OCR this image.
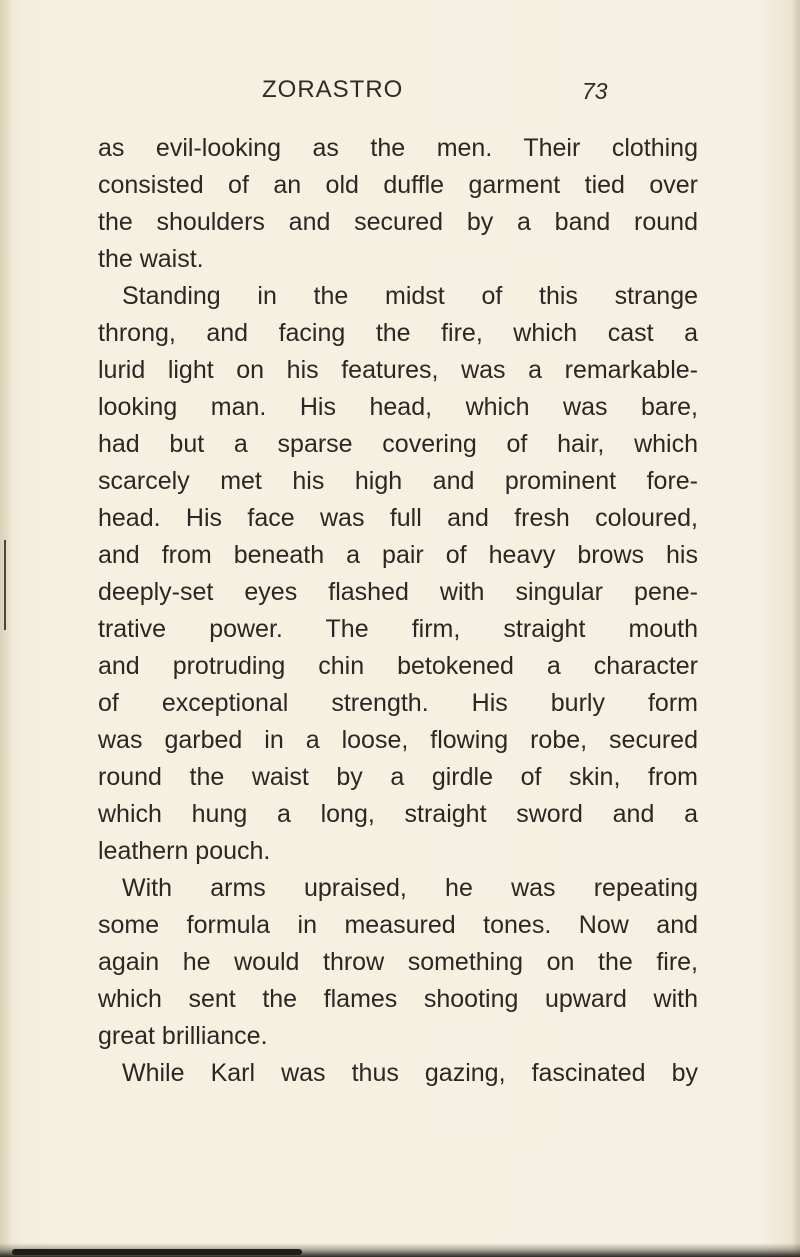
ZORASTRO	73
as evil-looking as the men. Their clothing
consisted of an old duffle garment tied over
the shoulders and secured by a band round
the waist.
Standing in the midst of this strange
throng, and facing the fire, which cast a
lurid light on his features, was a remarkable-
looking man. His head, which was bare,
had but a sparse covering of hair, which
scarcely met his high and prominent fore-
head. His face was full and fresh coloured,
and from beneath a pair of heavy brows his
deeply-set eyes flashed with singular pene-
trative power. The firm, straight mouth
and protruding chin betokened a character
of exceptional strength. His burly form
was garbed in a loose, flowing robe, secured
round the waist by a girdle of skin, from
which hung a long, straight sword and a
leathern pouch.
With arms upraised, he was repeating
some formula in measured tones. Now and
again he would throw something on the fire,
which sent the flames shooting upward with
great brilliance.
While Karl was thus gazing, fascinated by
